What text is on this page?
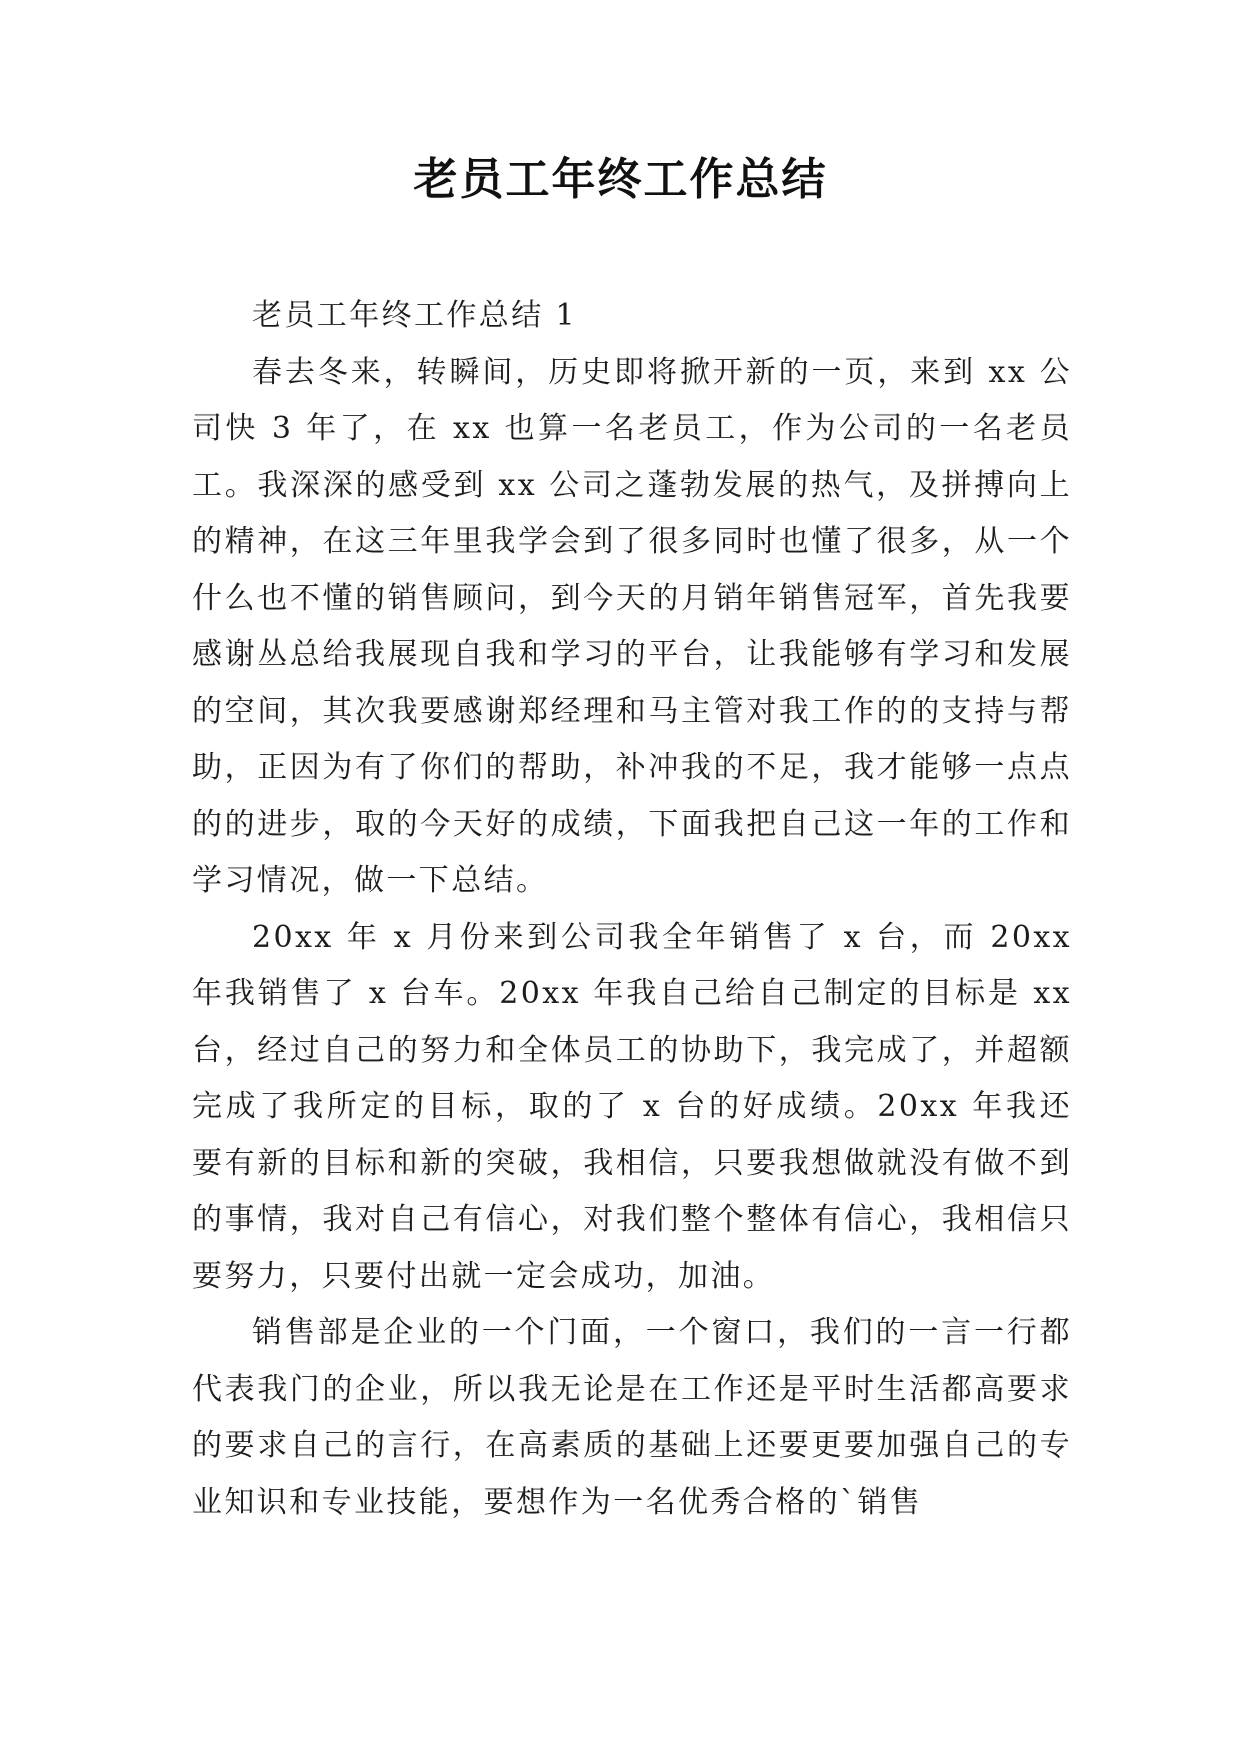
老员工年终工作总结

老员工年终工作总结 1

春去冬来，转瞬间，历史即将掀开新的一页，来到 xx 公司快 3 年了，在 xx 也算一名老员工，作为公司的一名老员工。我深深的感受到 xx 公司之蓬勃发展的热气，及拼搏向上的精神，在这三年里我学会到了很多同时也懂了很多，从一个什么也不懂的销售顾问，到今天的月销年销售冠军，首先我要感谢丛总给我展现自我和学习的平台，让我能够有学习和发展的空间，其次我要感谢郑经理和马主管对我工作的的支持与帮助，正因为有了你们的帮助，补冲我的不足，我才能够一点点的的进步，取的今天好的成绩，下面我把自己这一年的工作和学习情况，做一下总结。

20xx 年 x 月份来到公司我全年销售了 x 台，而 20xx 年我销售了 x 台车。20xx 年我自己给自己制定的目标是 xx 台，经过自己的努力和全体员工的协助下，我完成了，并超额完成了我所定的目标，取的了 x 台的好成绩。20xx 年我还要有新的目标和新的突破，我相信，只要我想做就没有做不到的事情，我对自己有信心，对我们整个整体有信心，我相信只要努力，只要付出就一定会成功，加油。

销售部是企业的一个门面，一个窗口，我们的一言一行都代表我门的企业，所以我无论是在工作还是平时生活都高要求的要求自己的言行，在高素质的基础上还要更要加强自己的专业知识和专业技能，要想作为一名优秀合格的`销售
